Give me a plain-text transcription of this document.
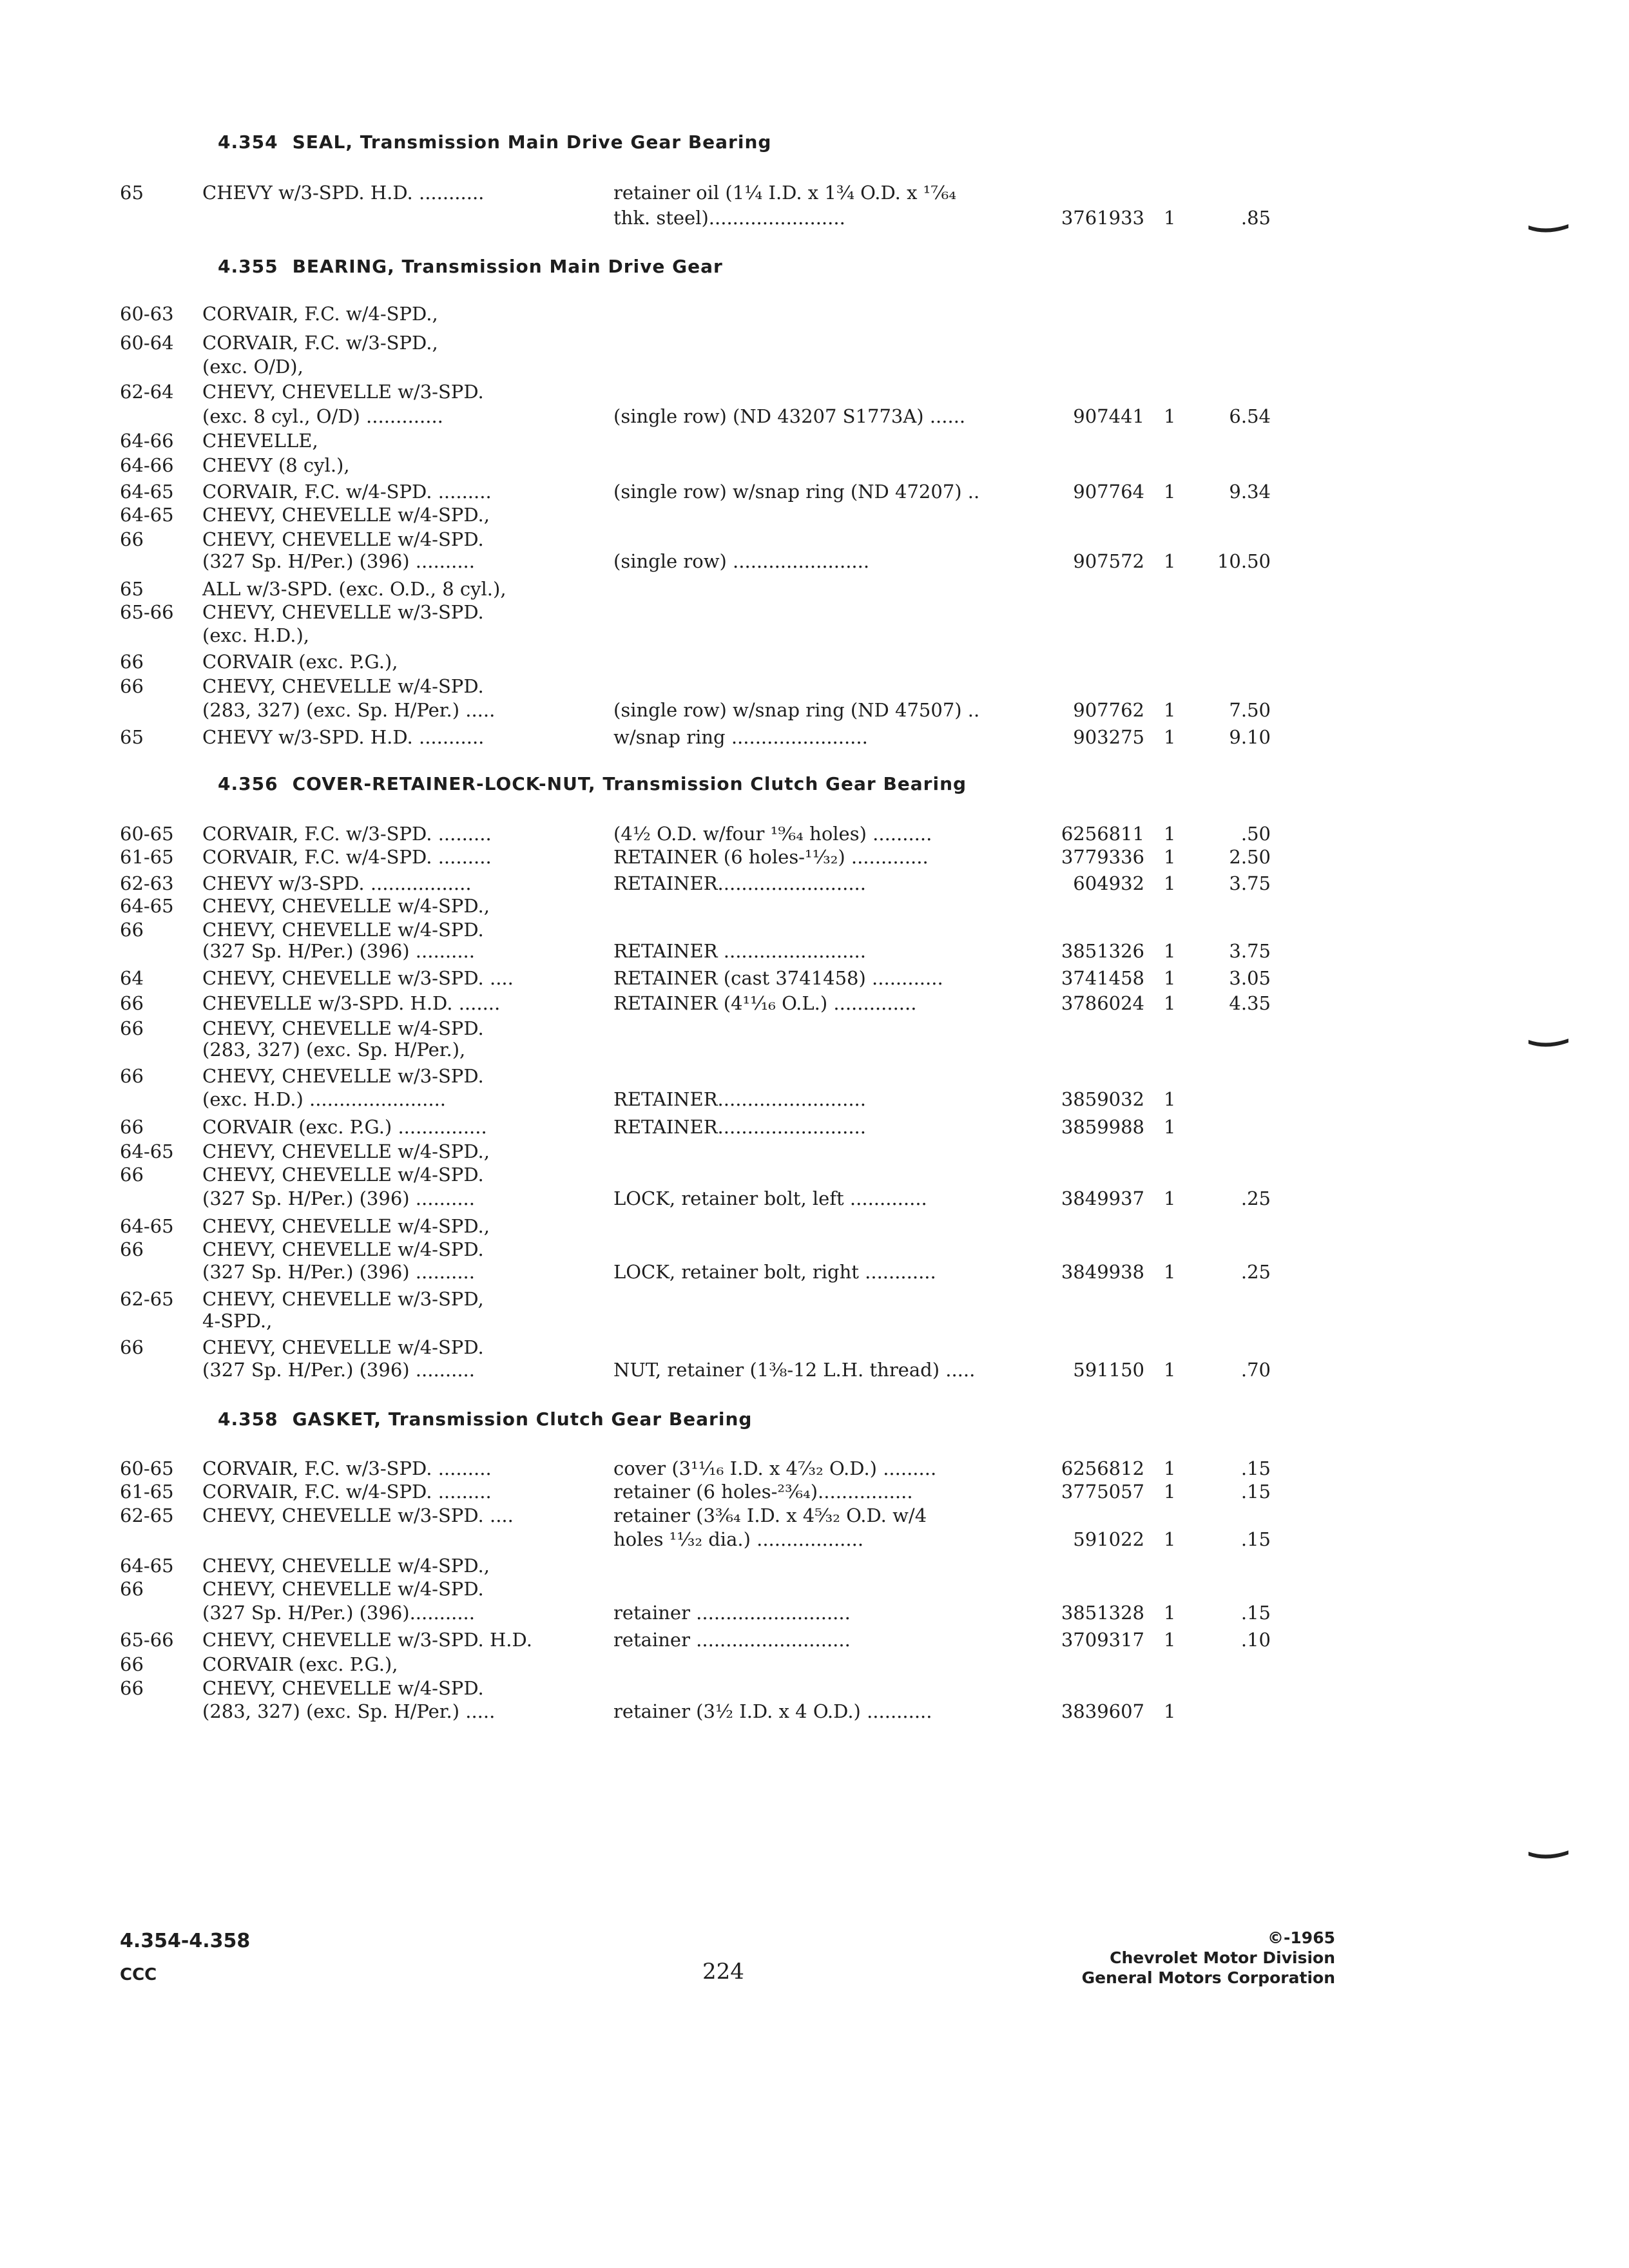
4.354 SEAL, Transmission Main Drive Gear Bearing
65	CHEVY w/3-SPD. H.D. ...........	retainer oil (1¼ I.D. x 1¾ O.D. x ¹⁷⁄₆₄
thk. steel).......................	3761933 1	.85
4.355 BEARING, Transmission Main Drive Gear
60-63 CORVAIR, F.C. w/4-SPD.,
60-64 CORVAIR, F.C. w/3-SPD.,
(exc. O/D),
62-64 CHEVY, CHEVELLE w/3-SPD.
(exc. 8 cyl., O/D) .............	(single row) (ND 43207 S1773A) ......	907441 1	6.54
64-66 CHEVELLE,
64-66 CHEVY (8 cyl.),
64-65 CORVAIR, F.C. w/4-SPD. .........	(single row) w/snap ring (ND 47207) ..	907764 1	9.34
64-65 CHEVY, CHEVELLE w/4-SPD.,
66	CHEVY, CHEVELLE w/4-SPD.
(327 Sp. H/Per.) (396) ..........	(single row) .......................	907572 1 10.50
65	ALL w/3-SPD. (exc. O.D., 8 cyl.),
65-66 CHEVY, CHEVELLE w/3-SPD.
(exc. H.D.),
66	CORVAIR (exc. P.G.),
66	CHEVY, CHEVELLE w/4-SPD.
(283, 327) (exc. Sp. H/Per.) .....	(single row) w/snap ring (ND 47507) ..	907762 1	7.50
65	CHEVY w/3-SPD. H.D. ...........	w/snap ring .......................	903275 1	9.10
4.356 COVER-RETAINER-LOCK-NUT, Transmission Clutch Gear Bearing
60-65 CORVAIR, F.C. w/3-SPD. .........	(4½ O.D. w/four ¹⁹⁄₆₄ holes) ..........	6256811 1	.50
61-65 CORVAIR, F.C. w/4-SPD. .........	RETAINER (6 holes-¹¹⁄₃₂) .............	3779336 1	2.50
62-63 CHEVY w/3-SPD. .................	RETAINER.........................	604932 1	3.75
64-65 CHEVY, CHEVELLE w/4-SPD.,
66	CHEVY, CHEVELLE w/4-SPD.
(327 Sp. H/Per.) (396) ..........	RETAINER ........................	3851326 1	3.75
64	CHEVY, CHEVELLE w/3-SPD. ....	RETAINER (cast 3741458) ............	3741458 1	3.05
66	CHEVELLE w/3-SPD. H.D. .......	RETAINER (4¹¹⁄₁₆ O.L.) ..............	3786024 1	4.35
66	CHEVY, CHEVELLE w/4-SPD.
(283, 327) (exc. Sp. H/Per.),
66	CHEVY, CHEVELLE w/3-SPD.
(exc. H.D.) .......................	RETAINER.........................	3859032 1
66	CORVAIR (exc. P.G.) ...............	RETAINER.........................	3859988 1
64-65 CHEVY, CHEVELLE w/4-SPD.,
66	CHEVY, CHEVELLE w/4-SPD.
(327 Sp. H/Per.) (396) ..........	LOCK, retainer bolt, left .............	3849937 1	.25
64-65 CHEVY, CHEVELLE w/4-SPD.,
66	CHEVY, CHEVELLE w/4-SPD.
(327 Sp. H/Per.) (396) ..........	LOCK, retainer bolt, right ............	3849938 1	.25
62-65 CHEVY, CHEVELLE w/3-SPD,
4-SPD.,
66	CHEVY, CHEVELLE w/4-SPD.
(327 Sp. H/Per.) (396) ..........	NUT, retainer (1⅜-12 L.H. thread) .....	591150 1	.70
4.358 GASKET, Transmission Clutch Gear Bearing
60-65 CORVAIR, F.C. w/3-SPD. .........	cover (3¹¹⁄₁₆ I.D. x 4⁷⁄₃₂ O.D.) .........	6256812 1	.15
61-65 CORVAIR, F.C. w/4-SPD. .........	retainer (6 holes-²³⁄₆₄)................	3775057 1	.15
62-65 CHEVY, CHEVELLE w/3-SPD. ....	retainer (3³⁄₆₄ I.D. x 4⁵⁄₃₂ O.D. w/4
holes ¹¹⁄₃₂ dia.) ..................	591022 1	.15
64-65 CHEVY, CHEVELLE w/4-SPD.,
66	CHEVY, CHEVELLE w/4-SPD.
(327 Sp. H/Per.) (396)...........	retainer ..........................	3851328 1	.15
65-66 CHEVY, CHEVELLE w/3-SPD. H.D.	retainer ..........................	3709317 1	.10
66	CORVAIR (exc. P.G.),
66	CHEVY, CHEVELLE w/4-SPD.
(283, 327) (exc. Sp. H/Per.) .....	retainer (3½ I.D. x 4 O.D.) ...........	3839607 1
4.354-4.358
CCC	224
©-1965
Chevrolet Motor Division
General Motors Corporation
